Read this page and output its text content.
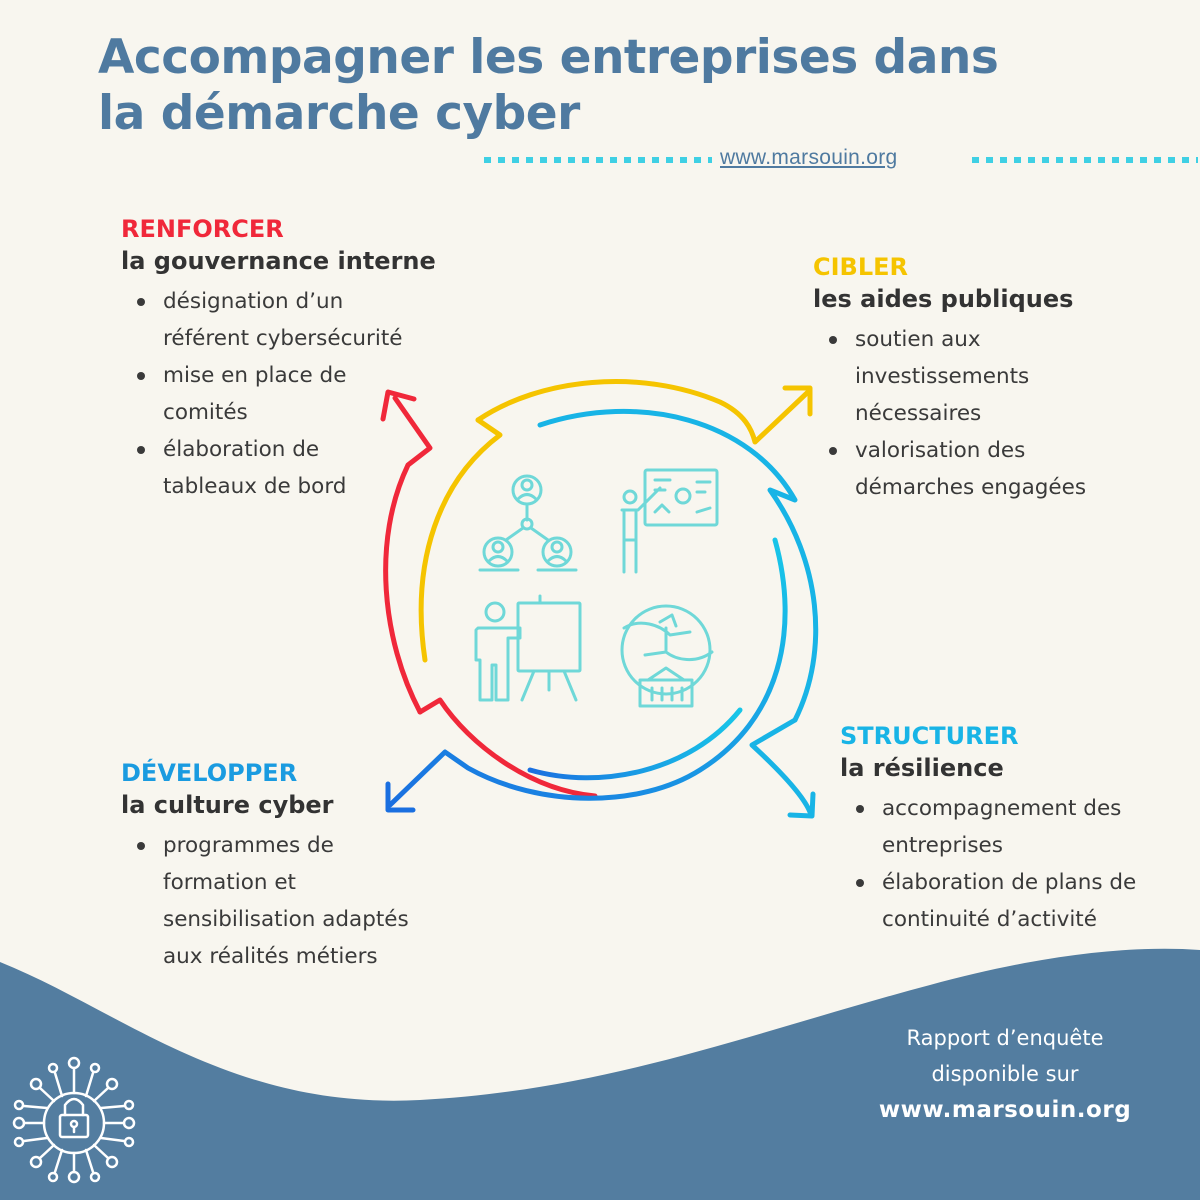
Accompagner les entreprises dans
la démarche cyber
www.marsouin.org
RENFORCER
la gouvernance interne
désignation d’un
référent cybersécurité
mise en place de
comités
élaboration de
tableaux de bord
CIBLER
les aides publiques
soutien aux
investissements
nécessaires
valorisation des
démarches engagées
DÉVELOPPER
la culture cyber
programmes de
formation et
sensibilisation adaptés
aux réalités métiers
STRUCTURER
la résilience
accompagnement des
entreprises
élaboration de plans de
continuité d’activité
Rapport d’enquête
disponible sur
www.marsouin.org
